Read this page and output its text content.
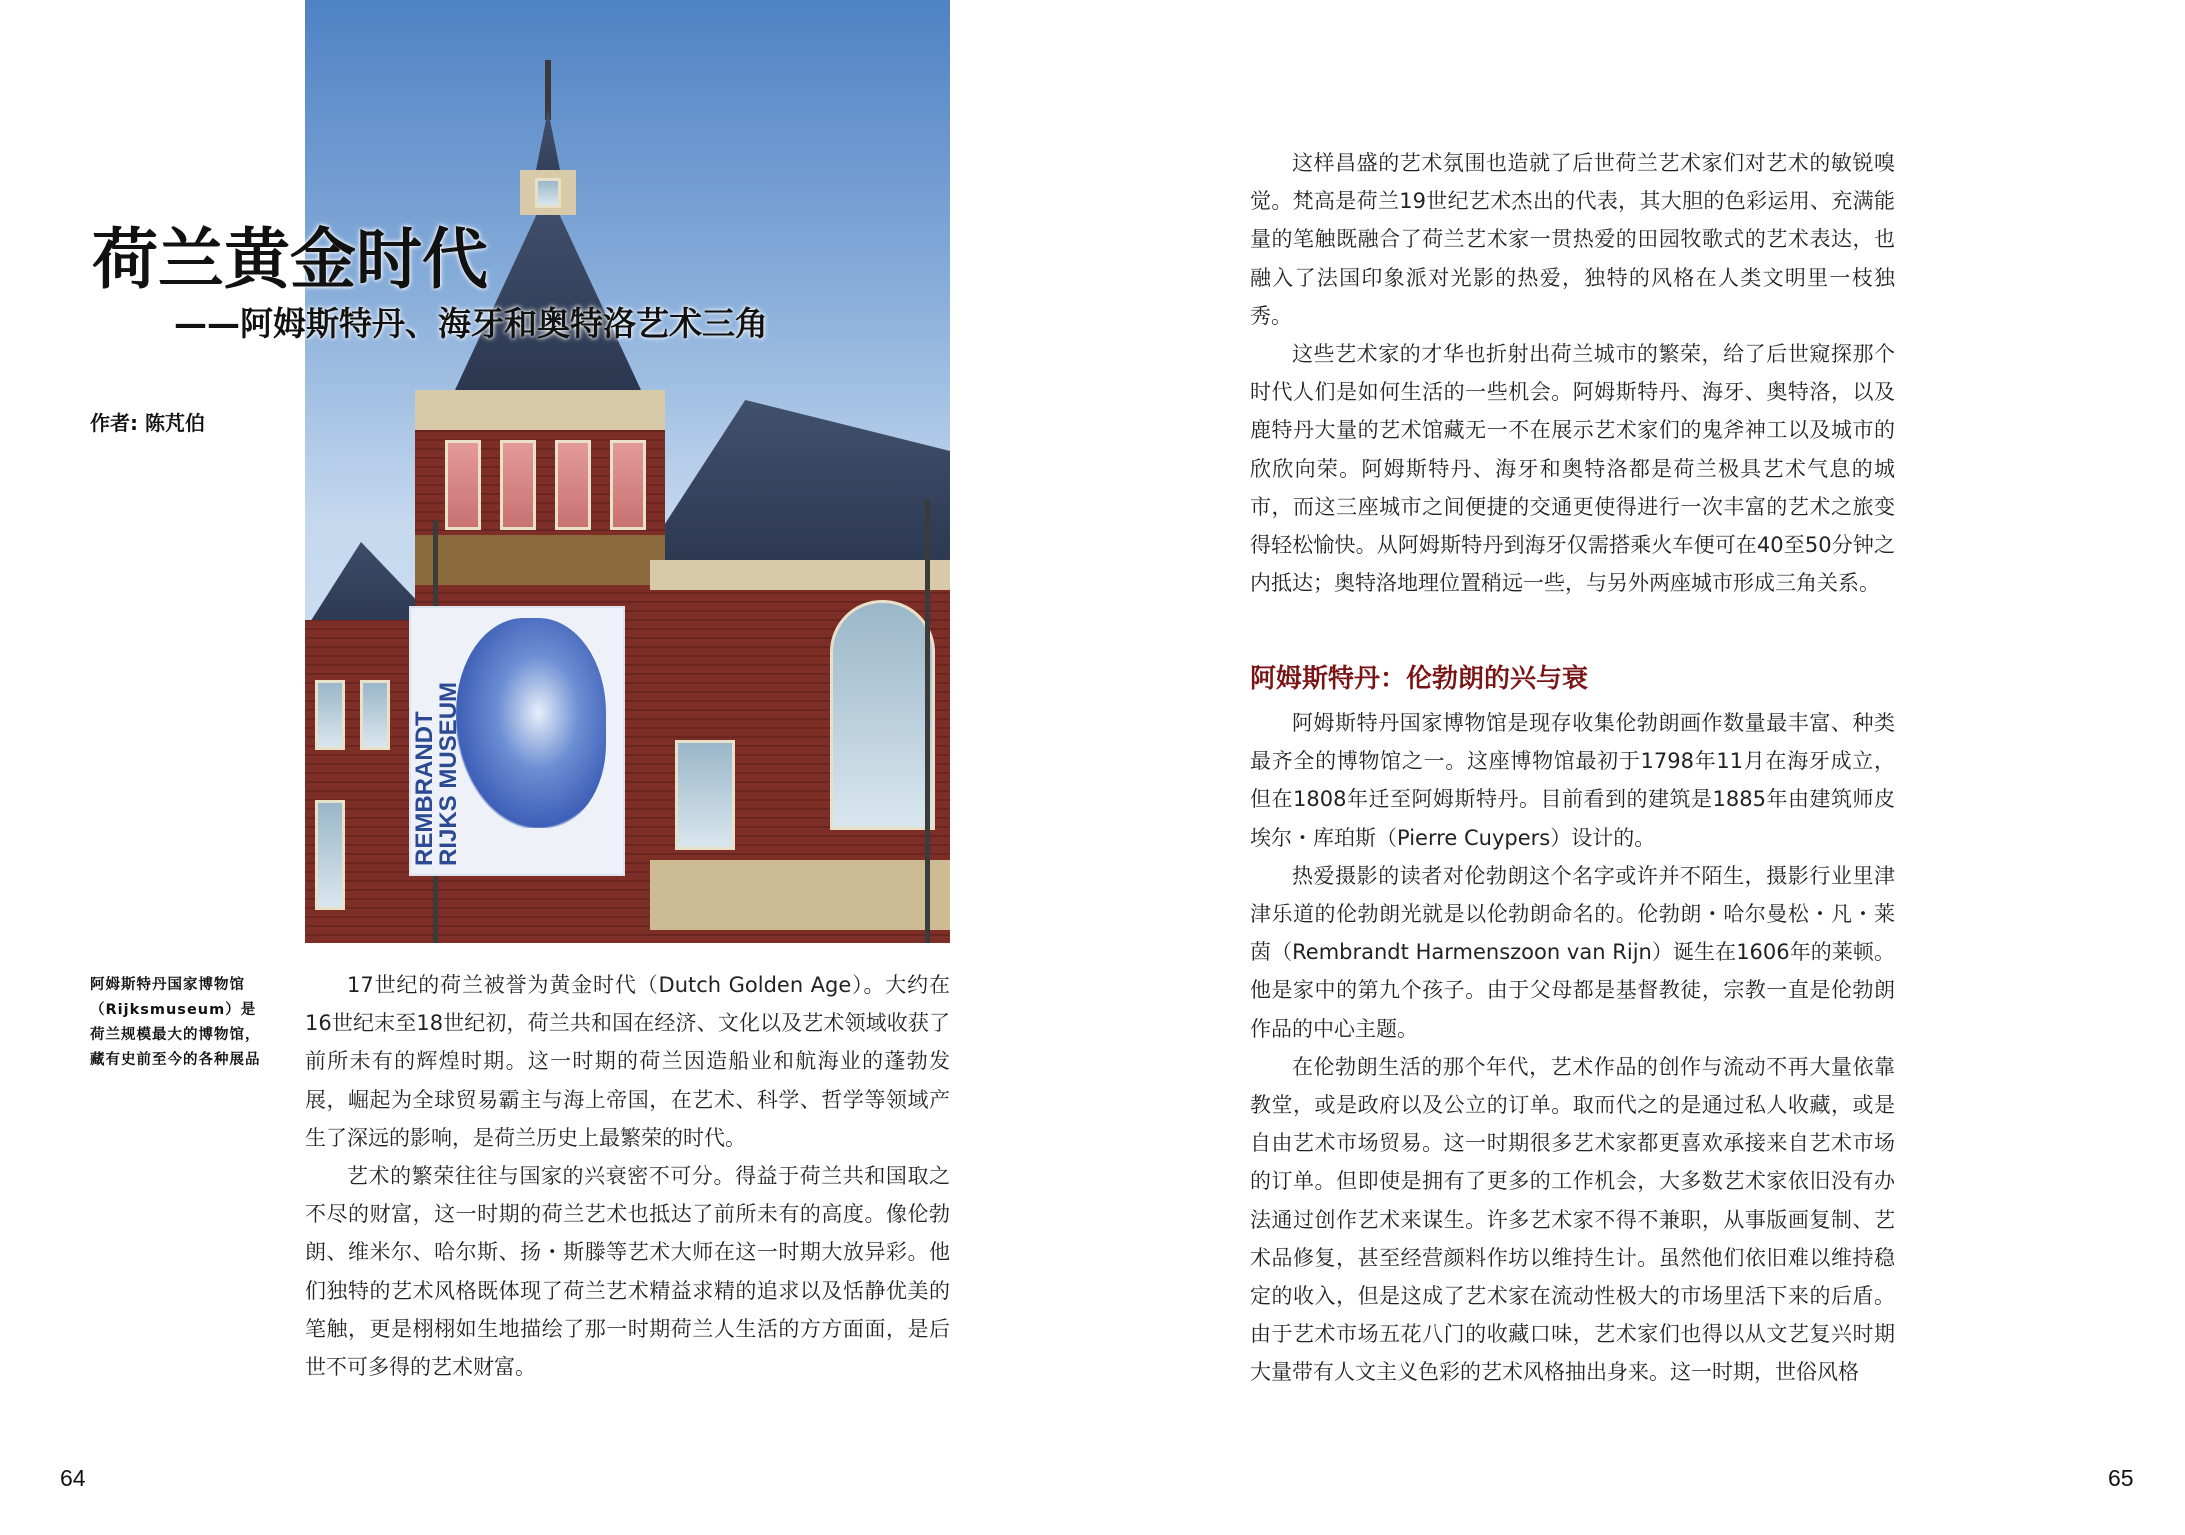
REMBRANDT
RIJKS MUSEUM
荷兰黄金时代
——阿姆斯特丹、海牙和奥特洛艺术三角
作者: 陈芃伯
阿姆斯特丹国家博物馆（Rijksmuseum）是荷兰规模最大的博物馆，藏有史前至今的各种展品

17世纪的荷兰被誉为黄金时代（Dutch Golden Age）。大约在16世纪末至18世纪初，荷兰共和国在经济、文化以及艺术领域收获了前所未有的辉煌时期。这一时期的荷兰因造船业和航海业的蓬勃发展，崛起为全球贸易霸主与海上帝国，在艺术、科学、哲学等领域产生了深远的影响，是荷兰历史上最繁荣的时代。

艺术的繁荣往往与国家的兴衰密不可分。得益于荷兰共和国取之不尽的财富，这一时期的荷兰艺术也抵达了前所未有的高度。像伦勃朗、维米尔、哈尔斯、扬・斯滕等艺术大师在这一时期大放异彩。他们独特的艺术风格既体现了荷兰艺术精益求精的追求以及恬静优美的笔触，更是栩栩如生地描绘了那一时期荷兰人生活的方方面面，是后世不可多得的艺术财富。

64

这样昌盛的艺术氛围也造就了后世荷兰艺术家们对艺术的敏锐嗅觉。梵高是荷兰19世纪艺术杰出的代表，其大胆的色彩运用、充满能量的笔触既融合了荷兰艺术家一贯热爱的田园牧歌式的艺术表达，也融入了法国印象派对光影的热爱，独特的风格在人类文明里一枝独秀。

这些艺术家的才华也折射出荷兰城市的繁荣，给了后世窥探那个时代人们是如何生活的一些机会。阿姆斯特丹、海牙、奥特洛，以及鹿特丹大量的艺术馆藏无一不在展示艺术家们的鬼斧神工以及城市的欣欣向荣。阿姆斯特丹、海牙和奥特洛都是荷兰极具艺术气息的城市，而这三座城市之间便捷的交通更使得进行一次丰富的艺术之旅变得轻松愉快。从阿姆斯特丹到海牙仅需搭乘火车便可在40至50分钟之内抵达；奥特洛地理位置稍远一些，与另外两座城市形成三角关系。

阿姆斯特丹：伦勃朗的兴与衰

阿姆斯特丹国家博物馆是现存收集伦勃朗画作数量最丰富、种类最齐全的博物馆之一。这座博物馆最初于1798年11月在海牙成立，但在1808年迁至阿姆斯特丹。目前看到的建筑是1885年由建筑师皮埃尔・库珀斯（Pierre Cuypers）设计的。

热爱摄影的读者对伦勃朗这个名字或许并不陌生，摄影行业里津津乐道的伦勃朗光就是以伦勃朗命名的。伦勃朗・哈尔曼松・凡・莱茵（Rembrandt Harmenszoon van Rijn）诞生在1606年的莱顿。他是家中的第九个孩子。由于父母都是基督教徒，宗教一直是伦勃朗作品的中心主题。

在伦勃朗生活的那个年代，艺术作品的创作与流动不再大量依靠教堂，或是政府以及公立的订单。取而代之的是通过私人收藏，或是自由艺术市场贸易。这一时期很多艺术家都更喜欢承接来自艺术市场的订单。但即使是拥有了更多的工作机会，大多数艺术家依旧没有办法通过创作艺术来谋生。许多艺术家不得不兼职，从事版画复制、艺术品修复，甚至经营颜料作坊以维持生计。虽然他们依旧难以维持稳定的收入，但是这成了艺术家在流动性极大的市场里活下来的后盾。由于艺术市场五花八门的收藏口味，艺术家们也得以从文艺复兴时期大量带有人文主义色彩的艺术风格抽出身来。这一时期，世俗风格

65
